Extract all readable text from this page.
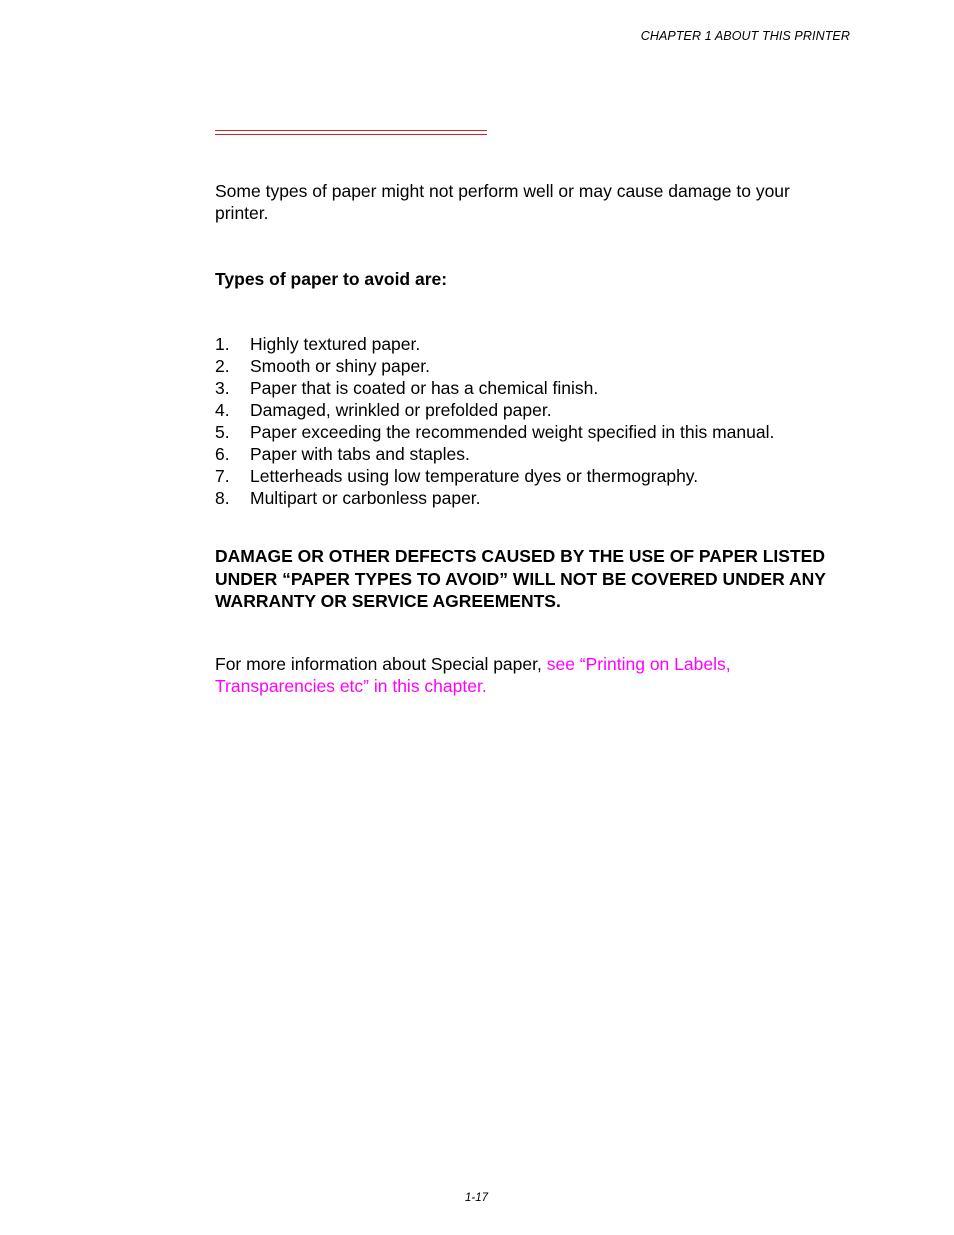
CHAPTER 1 ABOUT THIS PRINTER

Some types of paper might not perform well or may cause damage to your printer.

Types of paper to avoid are:

1. Highly textured paper.
2. Smooth or shiny paper.
3. Paper that is coated or has a chemical finish.
4. Damaged, wrinkled or prefolded paper.
5. Paper exceeding the recommended weight specified in this manual.
6. Paper with tabs and staples.
7. Letterheads using low temperature dyes or thermography.
8. Multipart or carbonless paper.

DAMAGE OR OTHER DEFECTS CAUSED BY THE USE OF PAPER LISTED UNDER “PAPER TYPES TO AVOID” WILL NOT BE COVERED UNDER ANY WARRANTY OR SERVICE AGREEMENTS.

For more information about Special paper, see “Printing on Labels, Transparencies etc” in this chapter.

1-17
